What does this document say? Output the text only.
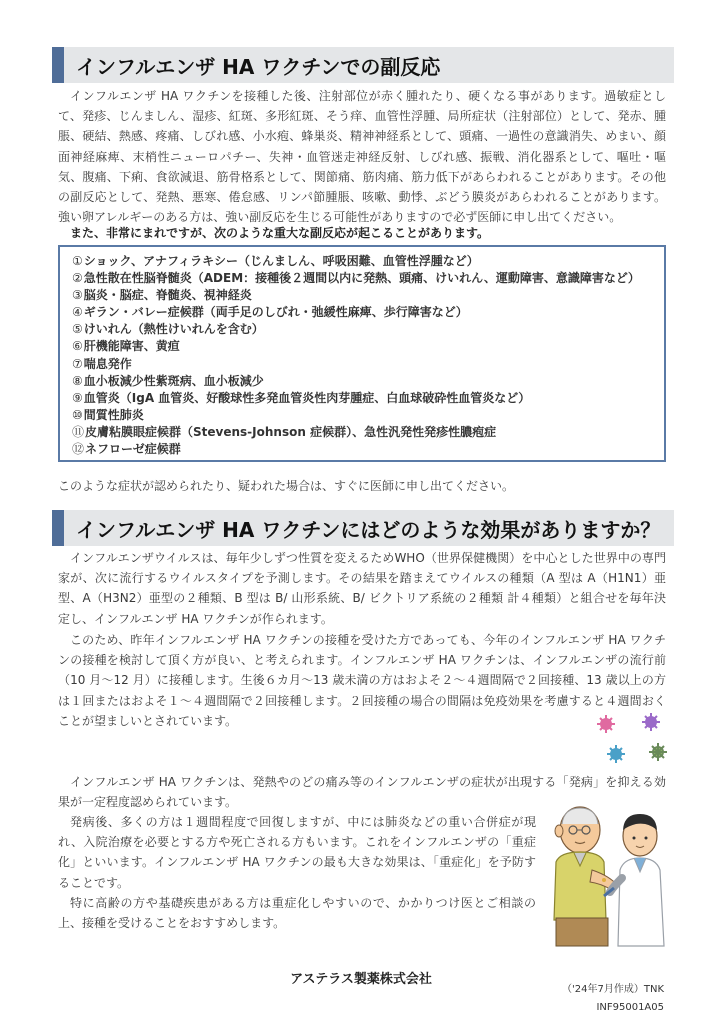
インフルエンザ HA ワクチンでの副反応

インフルエンザ HA ワクチンを接種した後、注射部位が赤く腫れたり、硬くなる事があります。過敏症として、発疹、じんましん、湿疹、紅斑、多形紅斑、そう痒、血管性浮腫、局所症状（注射部位）として、発赤、腫脹、硬結、熱感、疼痛、しびれ感、小水疱、蜂巣炎、精神神経系として、頭痛、一過性の意識消失、めまい、顔面神経麻痺、末梢性ニューロパチー、失神・血管迷走神経反射、しびれ感、振戦、消化器系として、嘔吐・嘔気、腹痛、下痢、食欲減退、筋骨格系として、関節痛、筋肉痛、筋力低下があらわれることがあります。その他の副反応として、発熱、悪寒、倦怠感、リンパ節腫脹、咳嗽、動悸、ぶどう膜炎があらわれることがあります。強い卵アレルギーのある方は、強い副反応を生じる可能性がありますので必ず医師に申し出てください。

また、非常にまれですが、次のような重大な副反応が起こることがあります。

①ショック、アナフィラキシー（じんましん、呼吸困難、血管性浮腫など）
②急性散在性脳脊髄炎（ADEM：接種後２週間以内に発熱、頭痛、けいれん、運動障害、意識障害など）
③脳炎・脳症、脊髄炎、視神経炎
④ギラン・バレー症候群（両手足のしびれ・弛緩性麻痺、歩行障害など）
⑤けいれん（熱性けいれんを含む）
⑥肝機能障害、黄疸
⑦喘息発作
⑧血小板減少性紫斑病、血小板減少
⑨血管炎（IgA 血管炎、好酸球性多発血管炎性肉芽腫症、白血球破砕性血管炎など）
⑩間質性肺炎
⑪皮膚粘膜眼症候群（Stevens-Johnson 症候群）、急性汎発性発疹性膿疱症
⑫ネフローゼ症候群

このような症状が認められたり、疑われた場合は、すぐに医師に申し出てください。

インフルエンザ HA ワクチンにはどのような効果がありますか？

インフルエンザウイルスは、毎年少しずつ性質を変えるためWHO（世界保健機関）を中心とした世界中の専門家が、次に流行するウイルスタイプを予測します。その結果を踏まえてウイルスの種類（A 型は A（H1N1）亜型、A（H3N2）亜型の２種類、B 型は B/ 山形系統、B/ ビクトリア系統の２種類 計４種類）と組合せを毎年決定し、インフルエンザ HA ワクチンが作られます。

このため、昨年インフルエンザ HA ワクチンの接種を受けた方であっても、今年のインフルエンザ HA ワクチンの接種を検討して頂く方が良い、と考えられます。インフルエンザ HA ワクチンは、インフルエンザの流行前（10 月～12 月）に接種します。生後６カ月～13 歳未満の方はおよそ２～４週間隔で２回接種、13 歳以上の方は１回またはおよそ１～４週間隔で２回接種します。２回接種の場合の間隔は免疫効果を考慮すると４週間おくことが望ましいとされています。

インフルエンザ HA ワクチンは、発熱やのどの痛み等のインフルエンザの症状が出現する「発病」を抑える効果が一定程度認められています。

発病後、多くの方は１週間程度で回復しますが、中には肺炎などの重い合併症が現れ、入院治療を必要とする方や死亡される方もいます。これをインフルエンザの「重症化」といいます。インフルエンザ HA ワクチンの最も大きな効果は、「重症化」を予防することです。

特に高齢の方や基礎疾患がある方は重症化しやすいので、かかりつけ医とご相談の上、接種を受けることをおすすめします。

アステラス製薬株式会社
（'24年7月作成）TNK
INF95001A05
